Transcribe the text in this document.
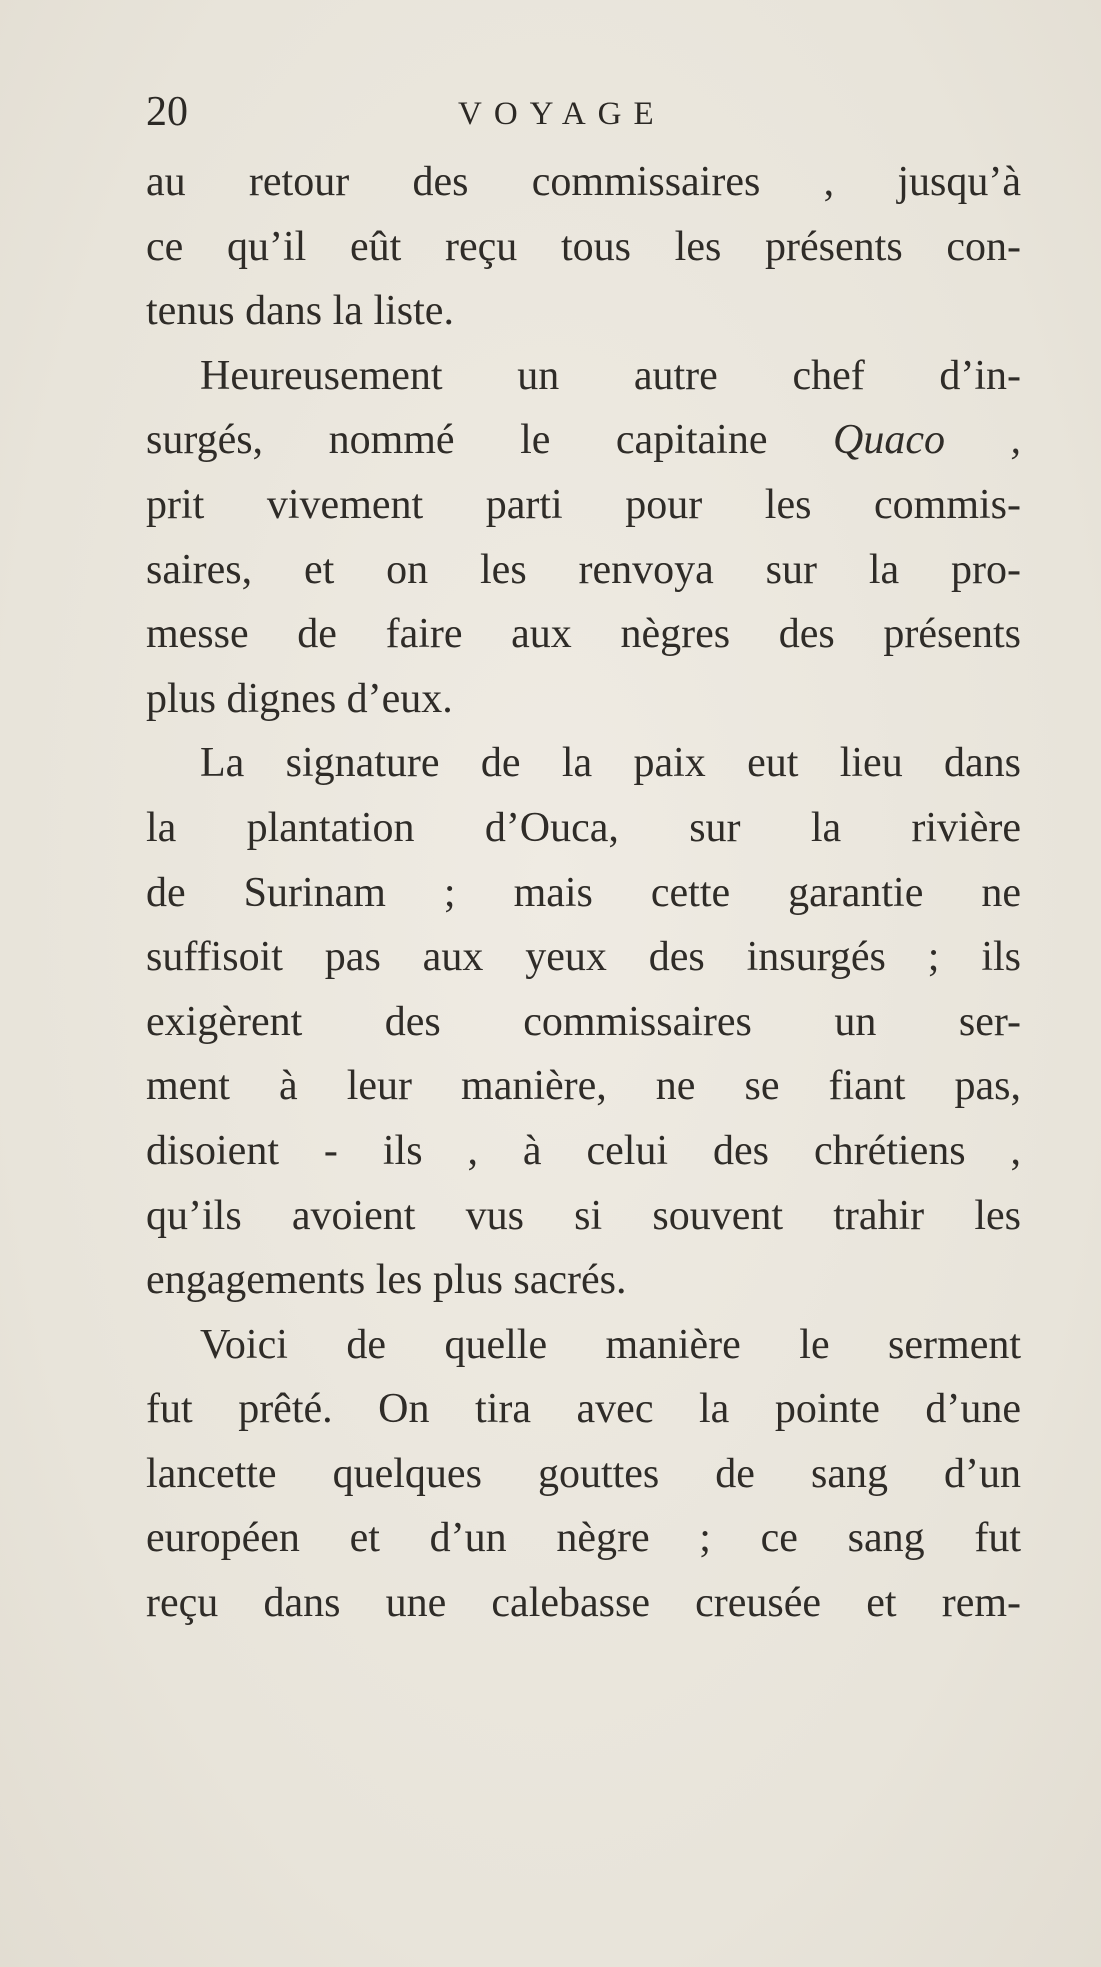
20	VOYAGE
au retour des commissaires , jusqu’à
ce qu’il eût reçu tous les présents con-
tenus dans la liste.
Heureusement un autre chef d’in-
surgés, nommé le capitaine Quaco ,
prit vivement parti pour les commis-
saires, et on les renvoya sur la pro-
messe de faire aux nègres des présents
plus dignes d’eux.
La signature de la paix eut lieu dans
la plantation d’Ouca, sur la rivière
de Surinam ; mais cette garantie ne
suffisoit pas aux yeux des insurgés ; ils
exigèrent des commissaires un ser-
ment à leur manière, ne se fiant pas,
disoient - ils , à celui des chrétiens ,
qu’ils avoient vus si souvent trahir les
engagements les plus sacrés.
Voici de quelle manière le serment
fut prêté. On tira avec la pointe d’une
lancette quelques gouttes de sang d’un
européen et d’un nègre ; ce sang fut
reçu dans une calebasse creusée et rem-
